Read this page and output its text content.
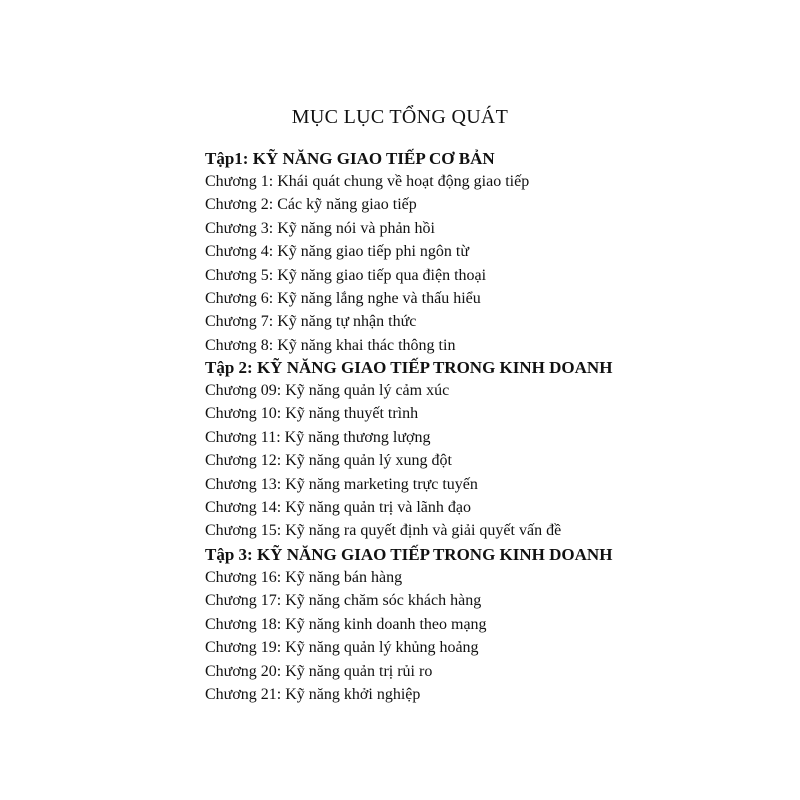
MỤC LỤC TỔNG QUÁT
Tập1: KỸ NĂNG GIAO TIẾP CƠ BẢN
Chương 1: Khái quát chung về hoạt động giao tiếp
Chương 2: Các kỹ năng giao tiếp
Chương 3: Kỹ năng nói và phản hồi
Chương 4: Kỹ năng giao tiếp phi ngôn từ
Chương 5: Kỹ năng giao tiếp qua điện thoại
Chương 6: Kỹ năng lắng nghe và thấu hiểu
Chương 7: Kỹ năng tự nhận thức
Chương 8: Kỹ năng khai thác thông tin
Tập 2: KỸ NĂNG GIAO TIẾP TRONG KINH DOANH
Chương 09: Kỹ năng quản lý cảm xúc
Chương 10: Kỹ năng thuyết trình
Chương 11: Kỹ năng thương lượng
Chương 12: Kỹ năng quản lý xung đột
Chương 13: Kỹ năng marketing trực tuyến
Chương 14: Kỹ năng quản trị và lãnh đạo
Chương 15: Kỹ năng ra quyết định và giải quyết vấn đề
Tập 3: KỸ NĂNG GIAO TIẾP TRONG KINH DOANH
Chương 16: Kỹ năng bán hàng
Chương 17: Kỹ năng chăm sóc khách hàng
Chương 18: Kỹ năng kinh doanh theo mạng
Chương 19: Kỹ năng quản lý khủng hoảng
Chương 20: Kỹ năng quản trị rủi ro
Chương 21: Kỹ năng khởi nghiệp
